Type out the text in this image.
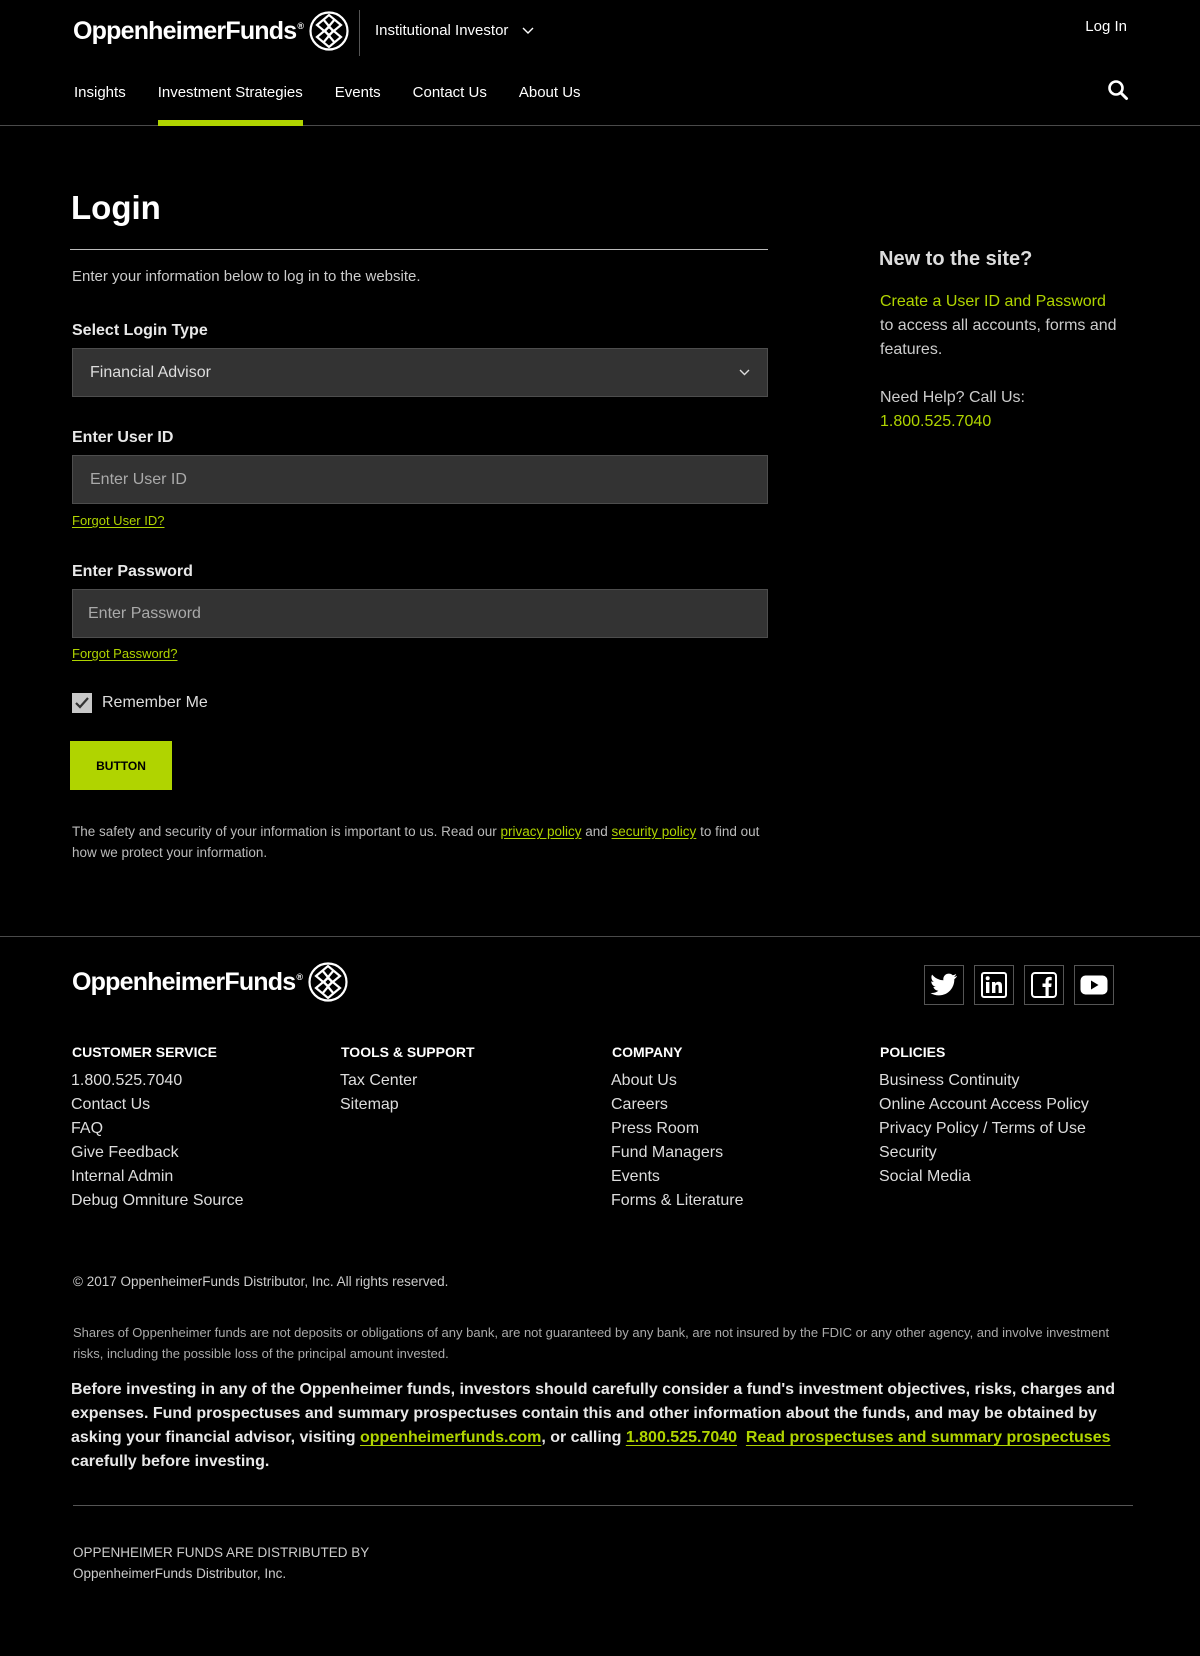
OppenheimerFunds®	Institutional Investor	Log In
Insights Investment Strategies Events Contact Us About Us
Login

Enter your information below to log in to the website.

Select Login Type
Financial Advisor
Enter User ID
Enter User ID
Forgot User ID?
Enter Password
Forgot Password?
Remember Me
BUTTON

The safety and security of your information is important to us. Read our privacy policy and security policy to find out how we protect your information.

New to the site?
Create a User ID and Password
to access all accounts, forms and features.
Need Help? Call Us:
1.800.525.7040
OppenheimerFunds®
CUSTOMER SERVICE
1.800.525.7040
Contact Us
FAQ
Give Feedback
Internal Admin
Debug Omniture Source
TOOLS & SUPPORT
Tax Center
Sitemap
COMPANY
About Us
Careers
Press Room
Fund Managers
Events
Forms & Literature
POLICIES
Business Continuity
Online Account Access Policy
Privacy Policy / Terms of Use
Security
Social Media

© 2017 OppenheimerFunds Distributor, Inc. All rights reserved.

Shares of Oppenheimer funds are not deposits or obligations of any bank, are not guaranteed by any bank, are not insured by the FDIC or any other agency, and involve investment risks, including the possible loss of the principal amount invested.

Before investing in any of the Oppenheimer funds, investors should carefully consider a fund's investment objectives, risks, charges and expenses. Fund prospectuses and summary prospectuses contain this and other information about the funds, and may be obtained by asking your financial advisor, visiting oppenheimerfunds.com, or calling 1.800.525.7040 Read prospectuses and summary prospectuses carefully before investing.

OPPENHEIMER FUNDS ARE DISTRIBUTED BY
OppenheimerFunds Distributor, Inc.
